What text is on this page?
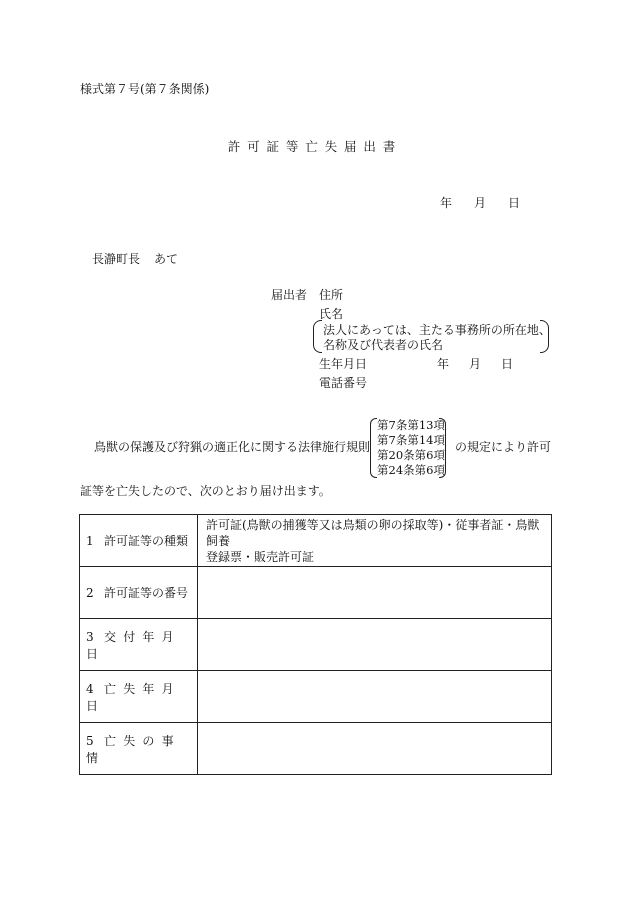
様式第７号(第７条関係)
許可証等亡失届出書
年 月 日
長瀞町長 あて
届出者 住所
氏名
法人にあっては、主たる事務所の所在地、
名称及び代表者の氏名
生年月日	年 月 日
電話番号
鳥獣の保護及び狩猟の適正化に関する法律施行規則
第7条第13項
第7条第14項
第20条第6項
第24条第6項
の規定により許可
証等を亡失したので、次のとおり届け出ます。
1 許可証等の種類	許可証(鳥獣の捕獲等又は鳥類の卵の採取等)・従事者証・鳥獣飼養
登録票・販売許可証

2 許可証等の番号	

3 交付年月日	

4 亡失年月日	

5 亡失の事情	
